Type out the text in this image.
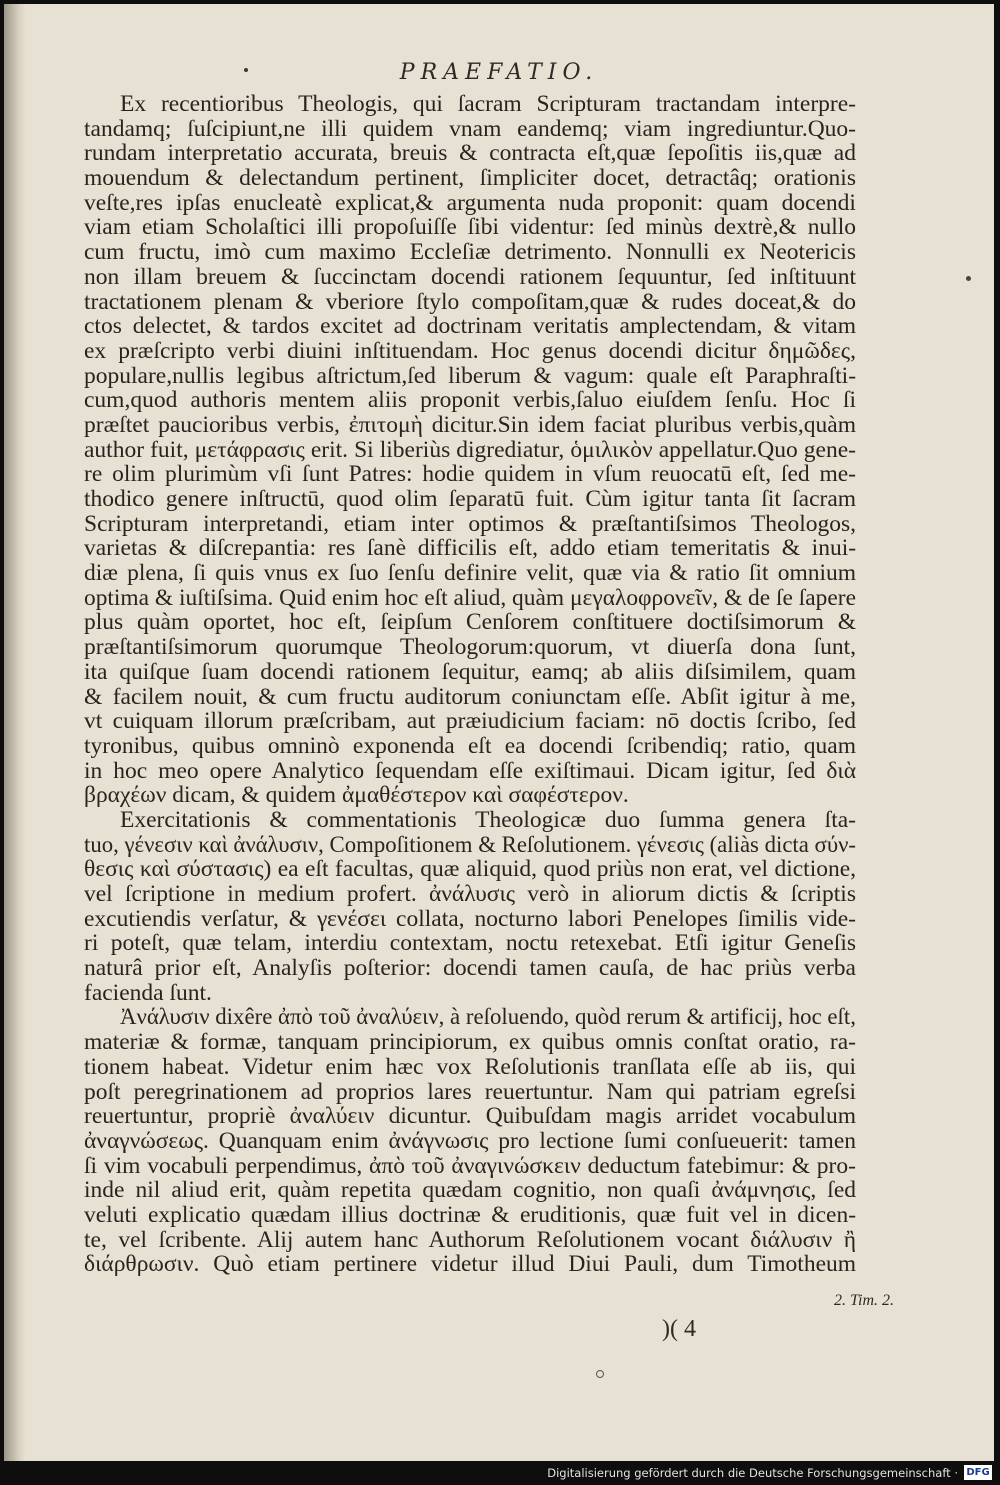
PRAEFATIO.
Ex recentioribus Theologis, qui ſacram Scripturam tractandam interpre-
tandamq; ſuſcipiunt,ne illi quidem vnam eandemq; viam ingrediuntur.Quo-
rundam interpretatio accurata, breuis & contracta eſt,quæ ſepoſitis iis,quæ ad
mouendum & delectandum pertinent, ſimpliciter docet, detractâq; orationis
veſte,res ipſas enucleatè explicat,& argumenta nuda proponit: quam docendi
viam etiam Scholaſtici illi propoſuiſſe ſibi videntur: ſed minùs dextrè,& nullo
cum fructu, imò cum maximo Eccleſiæ detrimento. Nonnulli ex Neotericis
non illam breuem & ſuccinctam docendi rationem ſequuntur, ſed inſtituunt
tractationem plenam & vberiore ſtylo compoſitam,quæ & rudes doceat,& do
ctos delectet, & tardos excitet ad doctrinam veritatis amplectendam, & vitam
ex præſcripto verbi diuini inſtituendam. Hoc genus docendi dicitur δημῶδες,
populare,nullis legibus aſtrictum,ſed liberum & vagum: quale eſt Paraphraſti-
cum,quod authoris mentem aliis proponit verbis,ſaluo eiuſdem ſenſu. Hoc ſi
præſtet paucioribus verbis, ἐπιτομὴ dicitur.Sin idem faciat pluribus verbis,quàm
author fuit, μετάφρασις erit. Si liberiùs digrediatur, ὁμιλικὸν appellatur.Quo gene-
re olim plurimùm vſi ſunt Patres: hodie quidem in vſum reuocatū eſt, ſed me-
thodico genere inſtructū, quod olim ſeparatū fuit. Cùm igitur tanta ſit ſacram
Scripturam interpretandi, etiam inter optimos & præſtantiſsimos Theologos,
varietas & diſcrepantia: res ſanè difficilis eſt, addo etiam temeritatis & inui-
diæ plena, ſi quis vnus ex ſuo ſenſu definire velit, quæ via & ratio ſit omnium
optima & iuſtiſsima. Quid enim hoc eſt aliud, quàm μεγαλοφρονεῖν, & de ſe ſapere
plus quàm oportet, hoc eſt, ſeipſum Cenſorem conſtituere doctiſsimorum &
præſtantiſsimorum quorumque Theologorum:quorum, vt diuerſa dona ſunt,
ita quiſque ſuam docendi rationem ſequitur, eamq; ab aliis diſsimilem, quam
& facilem nouit, & cum fructu auditorum coniunctam eſſe. Abſit igitur à me,
vt cuiquam illorum præſcribam, aut præiudicium faciam: nō doctis ſcribo, ſed
tyronibus, quibus omninò exponenda eſt ea docendi ſcribendiq; ratio, quam
in hoc meo opere Analytico ſequendam eſſe exiſtimaui. Dicam igitur, ſed διὰ
βραχέων dicam, & quidem ἀμαθέστερον καὶ σαφέστερον.
Exercitationis & commentationis Theologicæ duo ſumma genera ſta-
tuo, γένεσιν καὶ ἀνάλυσιν, Compoſitionem & Reſolutionem. γένεσις (aliàs dicta σύν-
θεσις καὶ σύστασις) ea eſt facultas, quæ aliquid, quod priùs non erat, vel dictione,
vel ſcriptione in medium profert. ἀνάλυσις verò in aliorum dictis & ſcriptis
excutiendis verſatur, & γενέσει collata, nocturno labori Penelopes ſimilis vide-
ri poteſt, quæ telam, interdiu contextam, noctu retexebat. Etſi igitur Geneſis
naturâ prior eſt, Analyſis poſterior: docendi tamen cauſa, de hac priùs verba
facienda ſunt.
Ἀνάλυσιν dixêre ἀπὸ τοῦ ἀναλύειν, à reſoluendo, quòd rerum & artificij, hoc eſt,
materiæ & formæ, tanquam principiorum, ex quibus omnis conſtat oratio, ra-
tionem habeat. Videtur enim hæc vox Reſolutionis tranſlata eſſe ab iis, qui
poſt peregrinationem ad proprios lares reuertuntur. Nam qui patriam egreſsi
reuertuntur, propriè ἀναλύειν dicuntur. Quibuſdam magis arridet vocabulum
ἀναγνώσεως. Quanquam enim ἀνάγνωσις pro lectione ſumi conſueuerit: tamen
ſi vim vocabuli perpendimus, ἀπὸ τοῦ ἀναγινώσκειν deductum fatebimur: & pro-
inde nil aliud erit, quàm repetita quædam cognitio, non quaſi ἀνάμνησις, ſed
veluti explicatio quædam illius doctrinæ & eruditionis, quæ fuit vel in dicen-
te, vel ſcribente. Alij autem hanc Authorum Reſolutionem vocant διάλυσιν ἢ
διάρθρωσιν. Quò etiam pertinere videtur illud Diui Pauli, dum Timotheum
2. Tim. 2.
)( 4
Digitalisierung gefördert durch die Deutsche Forschungsgemeinschaft · DFG
